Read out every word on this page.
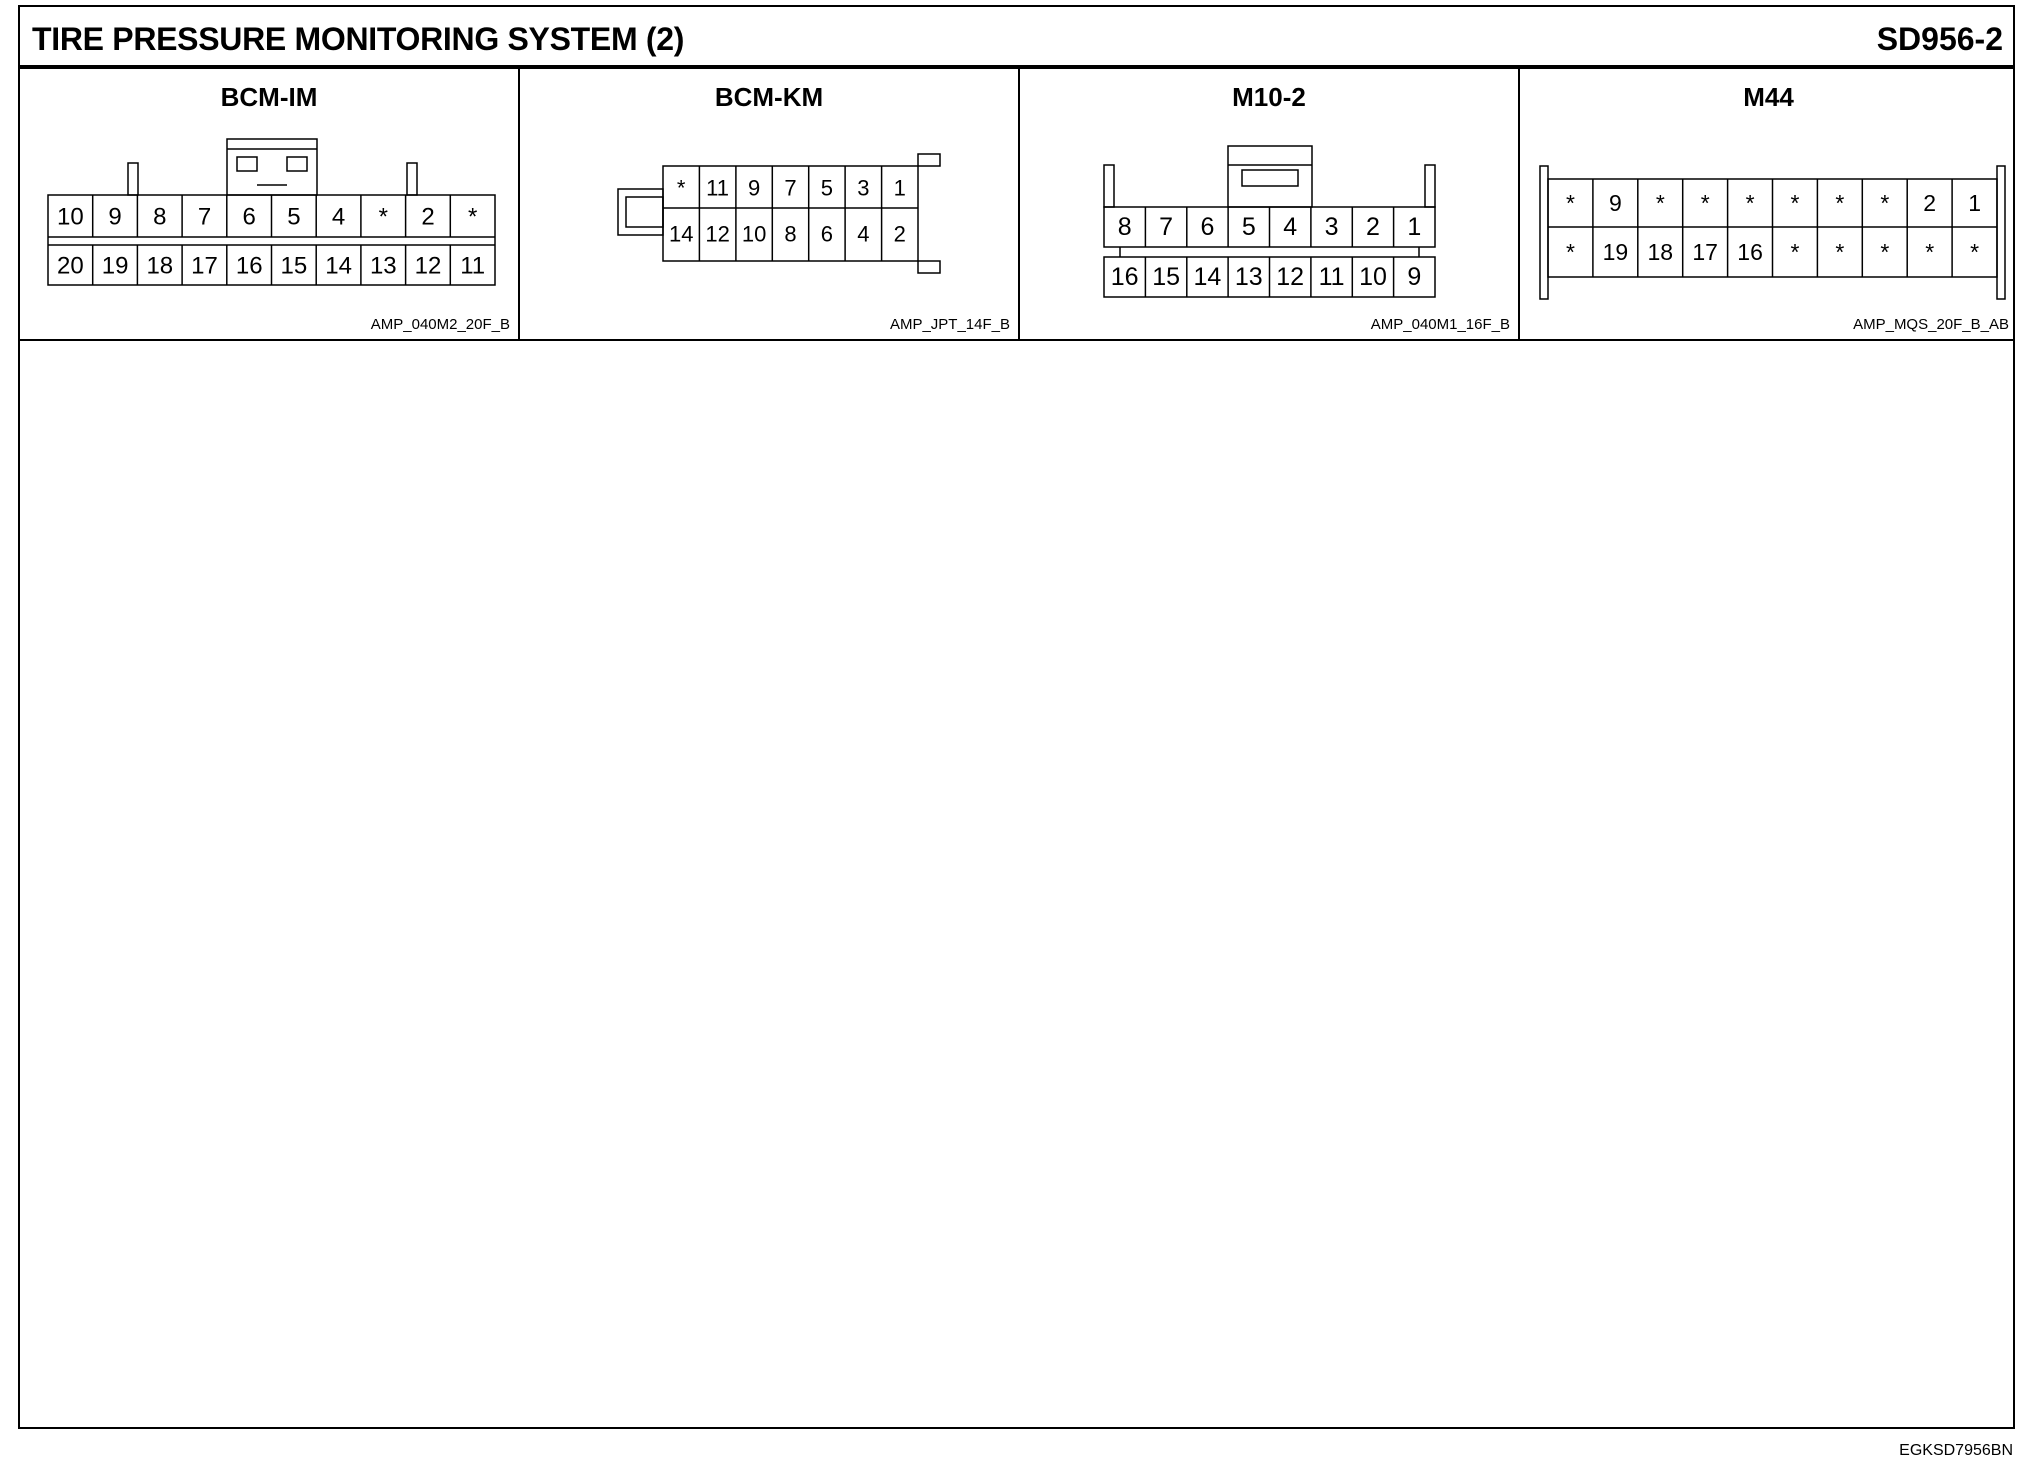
TIRE PRESSURE MONITORING SYSTEM (2)	SD956-2
10 9 8 7 6 5 4 * 2 *
20 19 18 17 16 15 14 13 12 11
BCM-IM
AMP_040M2_20F_B
* 11 9 7 5 3 1
14 12 10 8 6 4 2
BCM-KM
AMP_JPT_14F_B
8 7 6 5 4 3 2 1
16 15 14 13 12 11 10 9
M10-2
AMP_040M1_16F_B
* 9 * * * * * * 2 1
* 19 18 17 16 * * * * *
M44
AMP_MQS_20F_B_AB
EGKSD7956BN
